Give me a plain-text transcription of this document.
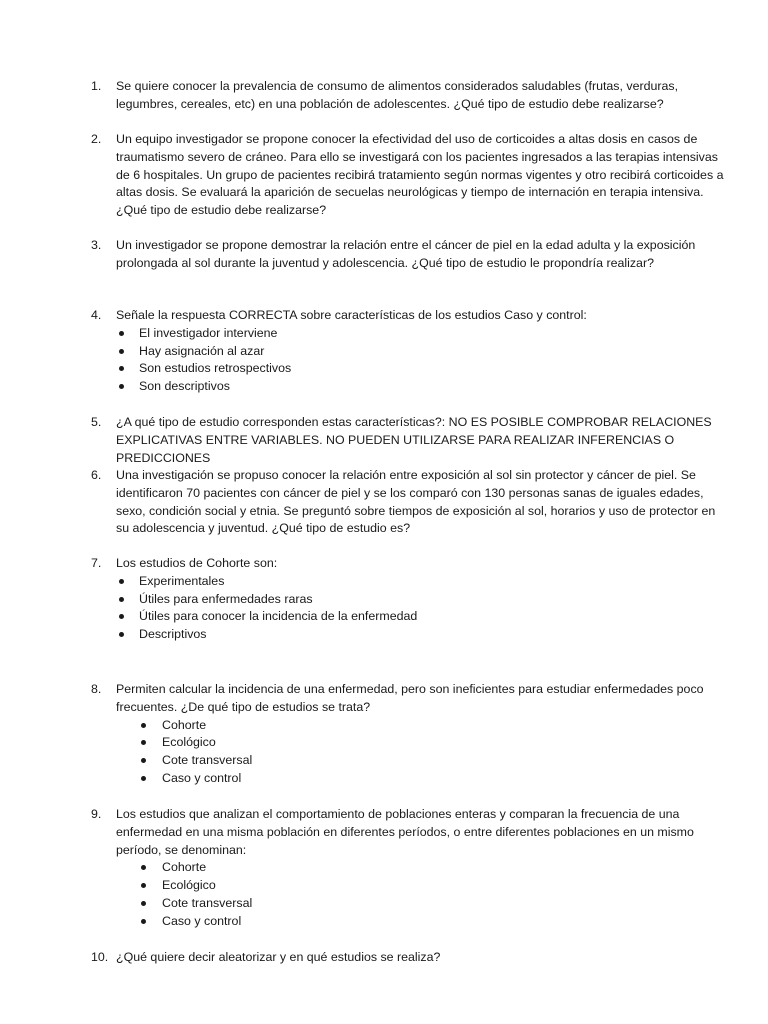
1.	Se quiere conocer la prevalencia de consumo de alimentos considerados saludables (frutas, verduras, legumbres, cereales, etc) en una población de adolescentes. ¿Qué tipo de estudio debe realizarse?
2.	Un equipo investigador se propone conocer la efectividad del uso de corticoides a altas dosis en casos de traumatismo severo de cráneo. Para ello se investigará con los pacientes ingresados a las terapias intensivas de 6 hospitales. Un grupo de pacientes recibirá tratamiento según normas vigentes y otro recibirá corticoides a altas dosis. Se evaluará la aparición de secuelas neurológicas y tiempo de internación en terapia intensiva. ¿Qué tipo de estudio debe realizarse?
3.	Un investigador se propone demostrar la relación entre el cáncer de piel en la edad adulta y la exposición prolongada al sol durante la juventud y adolescencia. ¿Qué tipo de estudio le propondría realizar?
4.	Señale la respuesta CORRECTA sobre características de los estudios Caso y control:
El investigador interviene
Hay asignación al azar
Son estudios retrospectivos
Son descriptivos
5.	¿A qué tipo de estudio corresponden estas características?: NO ES POSIBLE COMPROBAR RELACIONES EXPLICATIVAS ENTRE VARIABLES. NO PUEDEN UTILIZARSE PARA REALIZAR INFERENCIAS O PREDICCIONES
6.	Una investigación se propuso conocer la relación entre exposición al sol sin protector y cáncer de piel. Se identificaron 70 pacientes con cáncer de piel y se los comparó con 130 personas sanas de iguales edades, sexo, condición social y etnia. Se preguntó sobre tiempos de exposición al sol, horarios y uso de protector en su adolescencia y juventud. ¿Qué tipo de estudio es?
7.	Los estudios de Cohorte son:
Experimentales
Útiles para enfermedades raras
Útiles para conocer la incidencia de la enfermedad
Descriptivos
8.	Permiten calcular la incidencia de una enfermedad, pero son ineficientes para estudiar enfermedades poco frecuentes. ¿De qué tipo de estudios se trata?
Cohorte
Ecológico
Cote transversal
Caso y control
9.	Los estudios que analizan el comportamiento de poblaciones enteras y comparan la frecuencia de una enfermedad en una misma población en diferentes períodos, o entre diferentes poblaciones en un mismo período, se denominan:
Cohorte
Ecológico
Cote transversal
Caso y control
10. ¿Qué quiere decir aleatorizar y en qué estudios se realiza?
